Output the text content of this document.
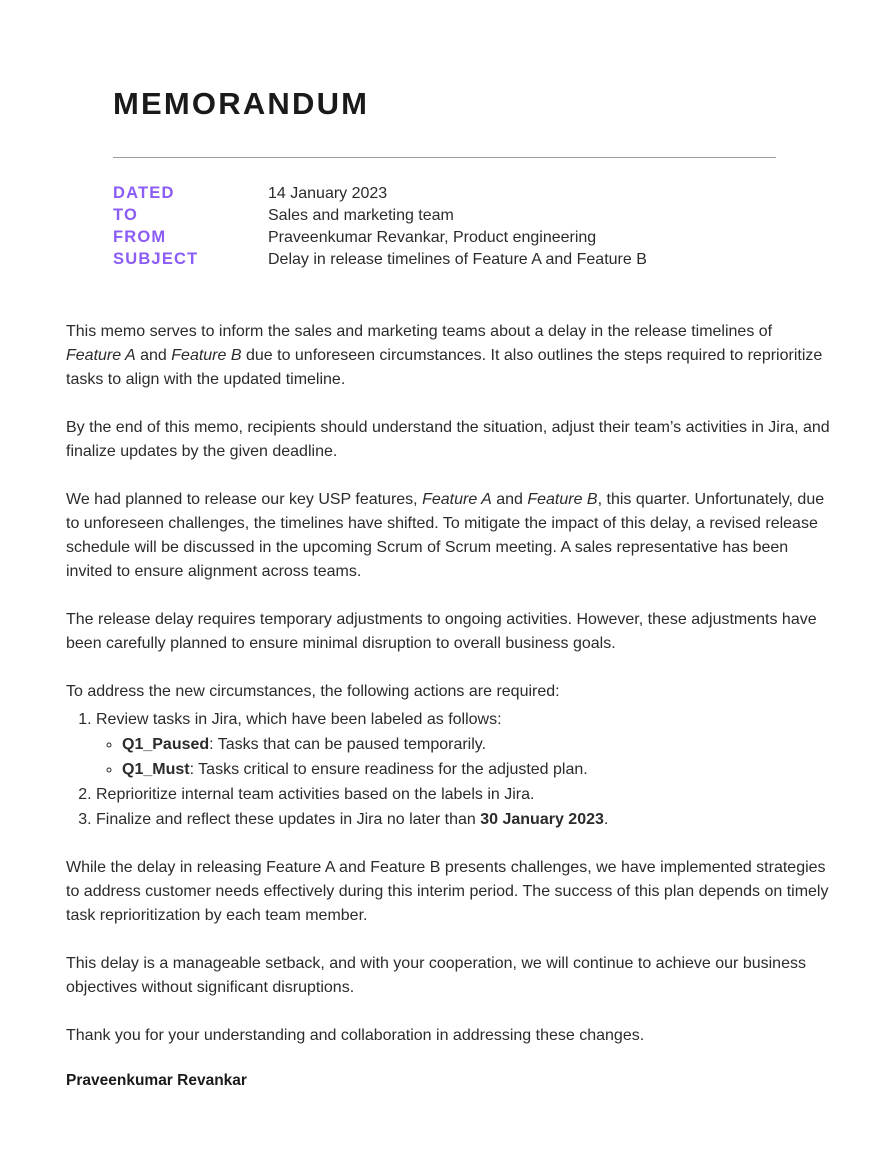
MEMORANDUM
DATED	14 January 2023
TO	Sales and marketing team
FROM	Praveenkumar Revankar, Product engineering
SUBJECT	Delay in release timelines of Feature A and Feature B

This memo serves to inform the sales and marketing teams about a delay in the release timelines of Feature A and Feature B due to unforeseen circumstances. It also outlines the steps required to reprioritize tasks to align with the updated timeline.

By the end of this memo, recipients should understand the situation, adjust their team’s activities in Jira, and finalize updates by the given deadline.

We had planned to release our key USP features, Feature A and Feature B, this quarter. Unfortunately, due to unforeseen challenges, the timelines have shifted. To mitigate the impact of this delay, a revised release schedule will be discussed in the upcoming Scrum of Scrum meeting. A sales representative has been invited to ensure alignment across teams.

The release delay requires temporary adjustments to ongoing activities. However, these adjustments have been carefully planned to ensure minimal disruption to overall business goals.

To address the new circumstances, the following actions are required:

1. Review tasks in Jira, which have been labeled as follows:
◦ Q1_Paused: Tasks that can be paused temporarily.
◦ Q1_Must: Tasks critical to ensure readiness for the adjusted plan.
2. Reprioritize internal team activities based on the labels in Jira.
3. Finalize and reflect these updates in Jira no later than 30 January 2023.

While the delay in releasing Feature A and Feature B presents challenges, we have implemented strategies to address customer needs effectively during this interim period. The success of this plan depends on timely task reprioritization by each team member.

This delay is a manageable setback, and with your cooperation, we will continue to achieve our business objectives without significant disruptions.

Thank you for your understanding and collaboration in addressing these changes.

Praveenkumar Revankar
